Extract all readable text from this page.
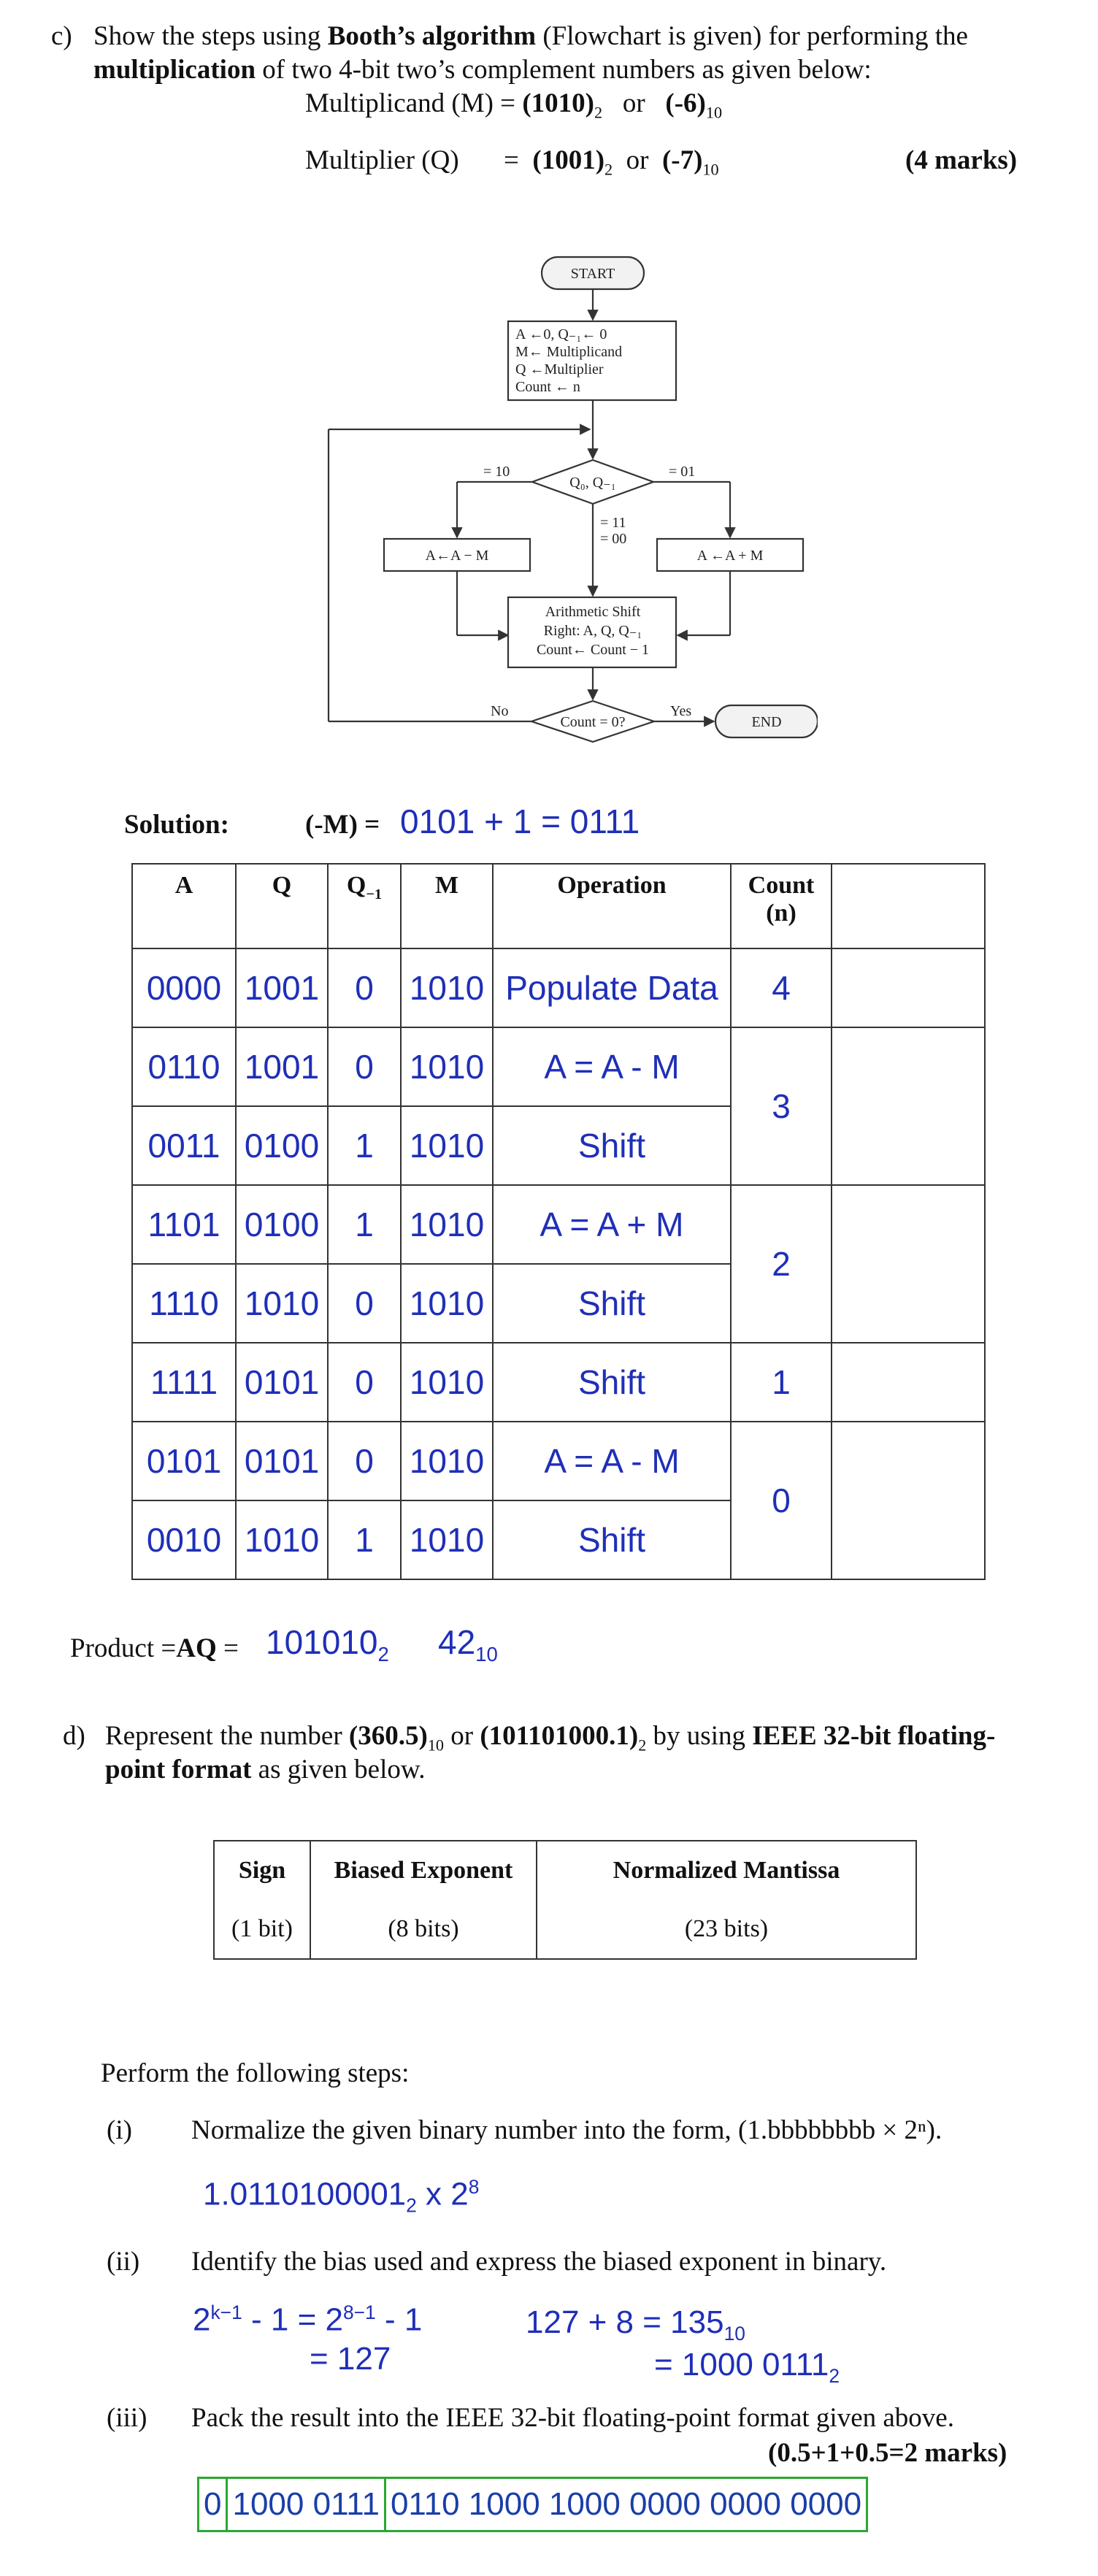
c) Show the steps using Booth’s algorithm (Flowchart is given) for performing the
multiplication of two 4-bit two’s complement numbers as given below:
Multiplicand $(M) = (1010)_2$ or $(-6)_{10}$
Multiplier $(Q) = (1001)_2$ or $(-7)_{10}$	(4 marks)
START
A ←0, Q₋₁← 0
M← Multiplicand
Q ←Multiplier
Count ← n
Q₀, Q₋₁
= 10	= 01
= 11
= 00
A←A − M	A ←A + M
Arithmetic Shift
Right: A, Q, Q₋₁
Count← Count − 1
Count = 0?
No	Yes
END
Solution:	(-M) = 0101 + 1 = 0111
A	Q	$Q_{-1}$	M	Operation	Count
(n)	
0000	1001	0	1010	Populate Data	4	
0110	1001	0	1010	A = A - M	3	
0011	0100	1	1010	Shift		
1101	0100	1	1010	A = A + M	2	
1110	1010	0	1010	Shift		
1111	0101	0	1010	Shift	1	
0101	0101	0	1010	A = A - M	0	
0010	1010	1	1010	Shift		
Product $=AQ = 101010_2$ $42_{10}$
d) Represent the number $(360.5)_{10}$ or $(101101000.1)_2$ by using IEEE 32-bit floating-
point format as given below.
Sign	Biased Exponent	Normalized Mantissa
(1 bit)	(8 bits)	(23 bits)
Perform the following steps:
(i) Normalize the given binary number into the form, (1.bbbbbbbb × 2ⁿ).
$1.0110100001_2$ x $2^8$
(ii) Identify the bias used and express the biased exponent in binary.
$2^{k-1} - 1 = 2^{8-1} - 1$
= 127
$127 + 8 = 135_{10}$
= 1000 $0111_2$
(iii) Pack the result into the IEEE 32-bit floating-point format given above.
(0.5+1+0.5=2 marks)
0 1000 0111 0110 1000 1000 0000 0000 0000
